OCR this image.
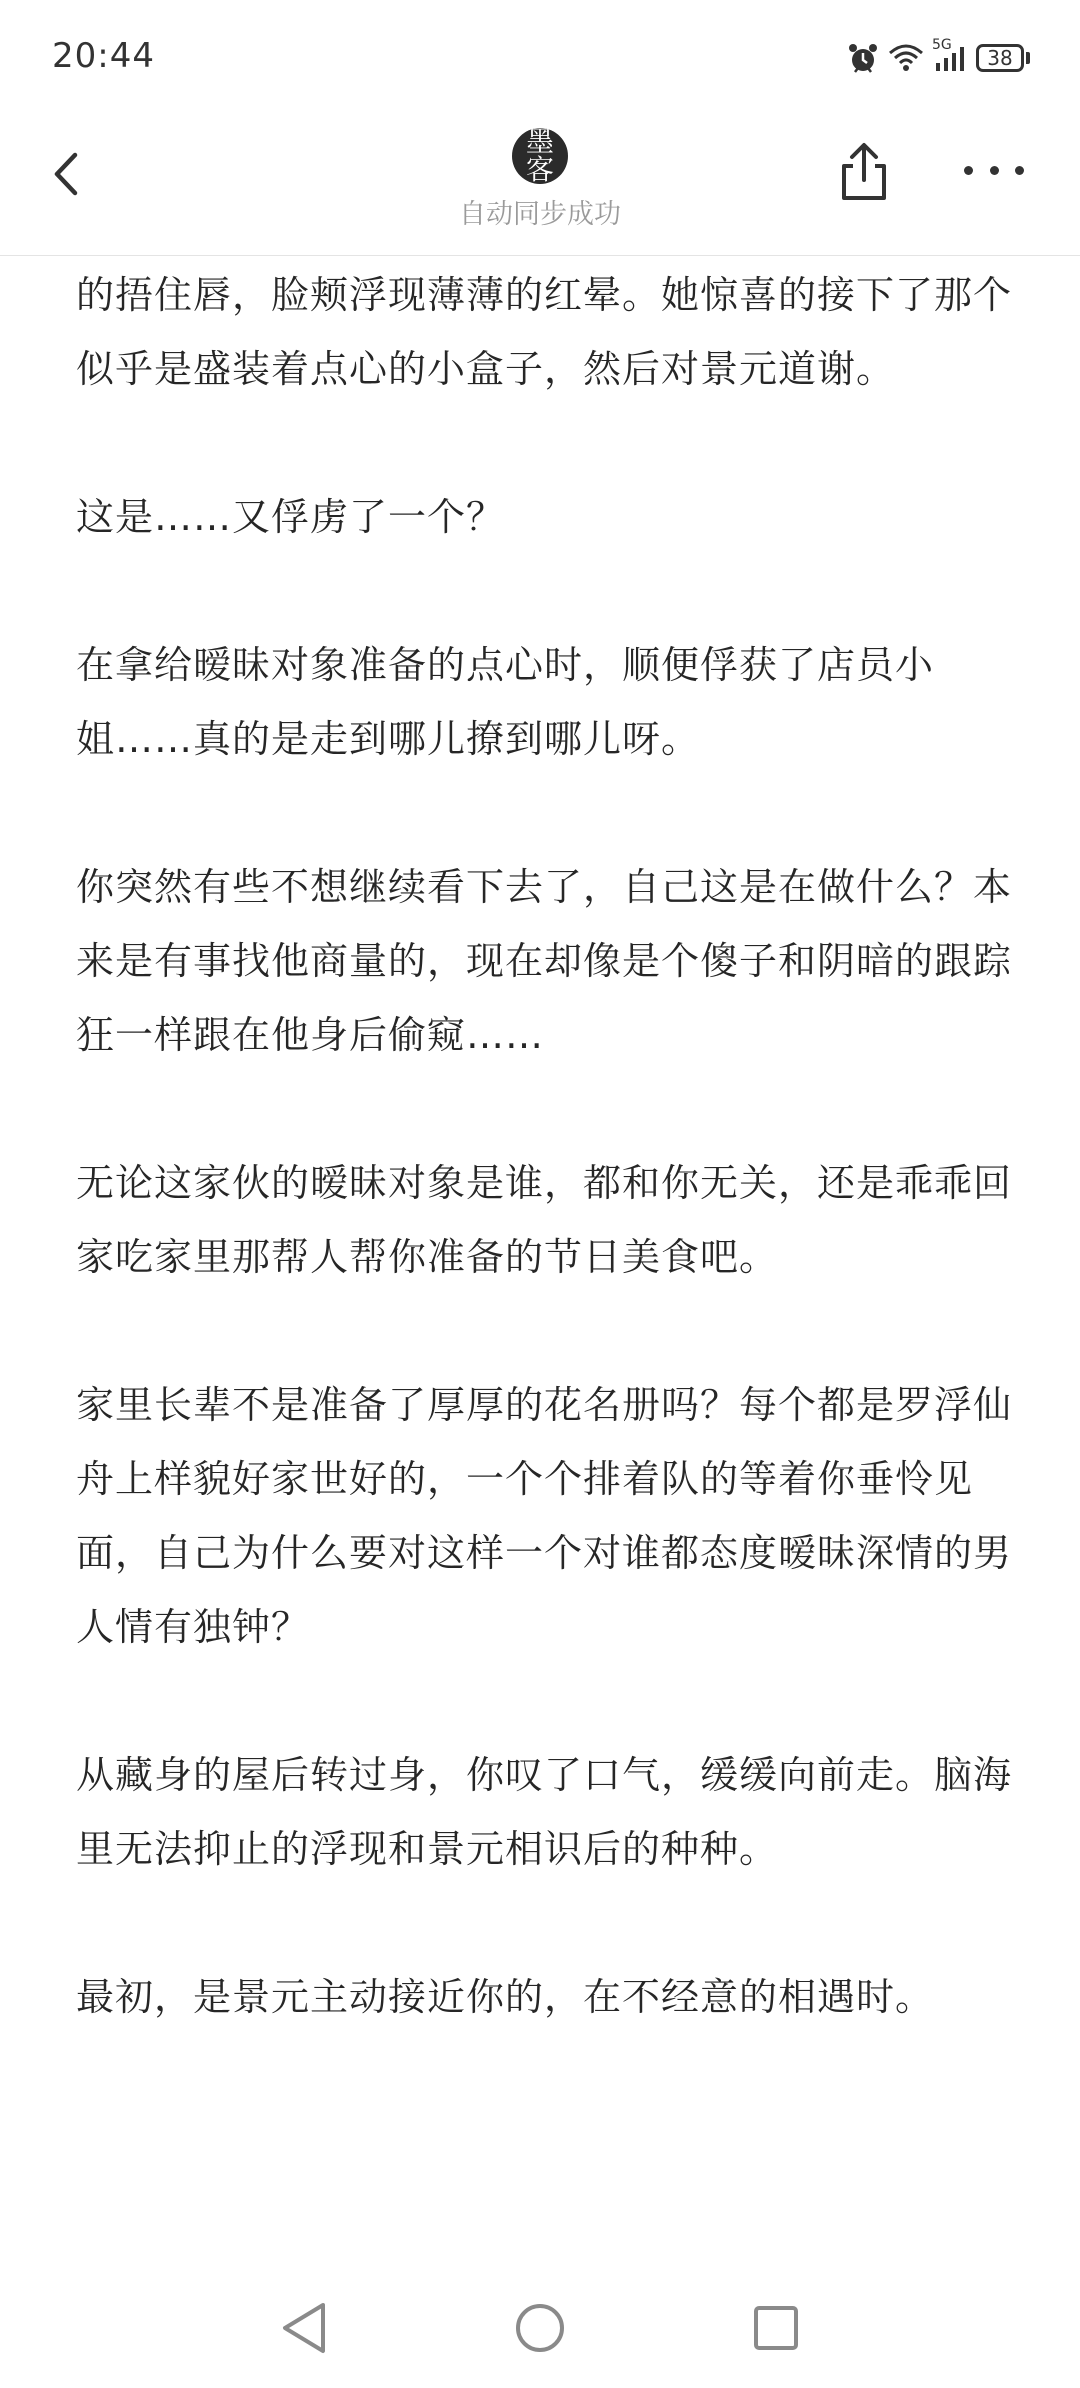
20:44	5G
38
墨
客
自动同步成功

的捂住唇，脸颊浮现薄薄的红晕。她惊喜的接下了那个似乎是盛装着点心的小盒子，然后对景元道谢。

这是……又俘虏了一个？

在拿给暧昧对象准备的点心时，顺便俘获了店员小姐……真的是走到哪儿撩到哪儿呀。

你突然有些不想继续看下去了，自己这是在做什么？本来是有事找他商量的，现在却像是个傻子和阴暗的跟踪狂一样跟在他身后偷窥……

无论这家伙的暧昧对象是谁，都和你无关，还是乖乖回家吃家里那帮人帮你准备的节日美食吧。

家里长辈不是准备了厚厚的花名册吗？每个都是罗浮仙舟上样貌好家世好的，一个个排着队的等着你垂怜见面，自己为什么要对这样一个对谁都态度暧昧深情的男人情有独钟？

从藏身的屋后转过身，你叹了口气，缓缓向前走。脑海里无法抑止的浮现和景元相识后的种种。

最初，是景元主动接近你的，在不经意的相遇时。
